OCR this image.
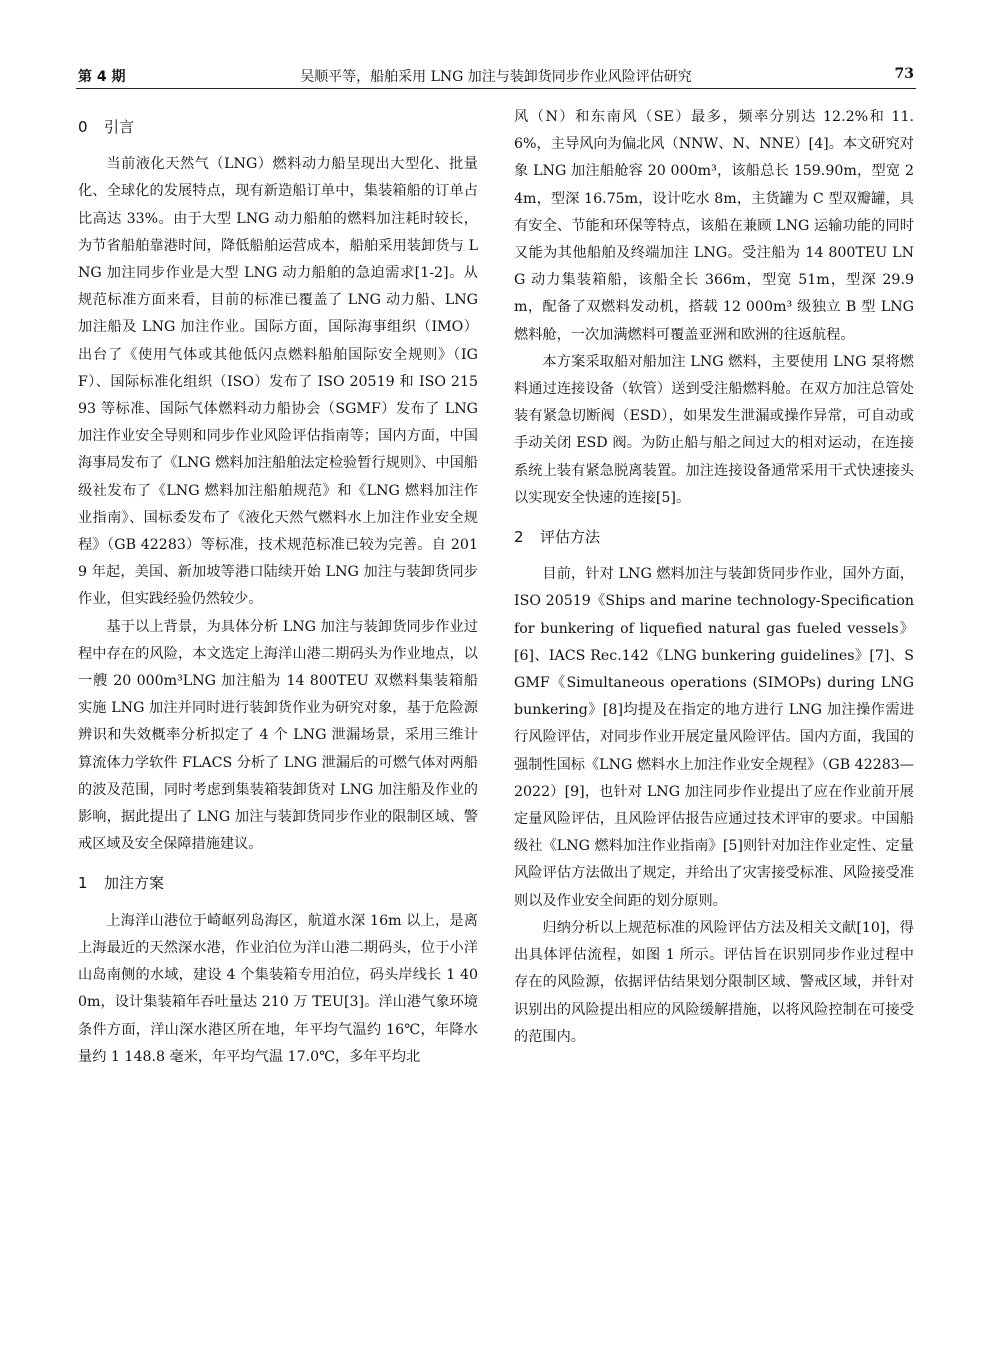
第 4 期	吴顺平等，船舶采用 LNG 加注与装卸货同步作业风险评估研究	73
0 引言

当前液化天然气（LNG）燃料动力船呈现出大型化、批量化、全球化的发展特点，现有新造船订单中，集装箱船的订单占比高达 33%。由于大型 LNG 动力船舶的燃料加注耗时较长，为节省船舶靠港时间，降低船舶运营成本，船舶采用装卸货与 LNG 加注同步作业是大型 LNG 动力船舶的急迫需求[1-2]。从规范标准方面来看，目前的标准已覆盖了 LNG 动力船、LNG 加注船及 LNG 加注作业。国际方面，国际海事组织（IMO）出台了《使用气体或其他低闪点燃料船舶国际安全规则》（IGF）、国际标准化组织（ISO）发布了 ISO 20519 和 ISO 21593 等标准、国际气体燃料动力船协会（SGMF）发布了 LNG 加注作业安全导则和同步作业风险评估指南等；国内方面，中国海事局发布了《LNG 燃料加注船舶法定检验暂行规则》、中国船级社发布了《LNG 燃料加注船舶规范》和《LNG 燃料加注作业指南》、国标委发布了《液化天然气燃料水上加注作业安全规程》（GB 42283）等标准，技术规范标准已较为完善。自 2019 年起，美国、新加坡等港口陆续开始 LNG 加注与装卸货同步作业，但实践经验仍然较少。

基于以上背景，为具体分析 LNG 加注与装卸货同步作业过程中存在的风险，本文选定上海洋山港二期码头为作业地点，以一艘 20 000m³LNG 加注船为 14 800TEU 双燃料集装箱船实施 LNG 加注并同时进行装卸货作业为研究对象，基于危险源辨识和失效概率分析拟定了 4 个 LNG 泄漏场景，采用三维计算流体力学软件 FLACS 分析了 LNG 泄漏后的可燃气体对两船的波及范围，同时考虑到集装箱装卸货对 LNG 加注船及作业的影响，据此提出了 LNG 加注与装卸货同步作业的限制区域、警戒区域及安全保障措施建议。

1 加注方案

上海洋山港位于崎岖列岛海区，航道水深 16m 以上，是离上海最近的天然深水港，作业泊位为洋山港二期码头，位于小洋山岛南侧的水域，建设 4 个集装箱专用泊位，码头岸线长 1 400m，设计集装箱年吞吐量达 210 万 TEU[3]。洋山港气象环境条件方面，洋山深水港区所在地，年平均气温约 16℃，年降水量约 1 148.8 毫米，年平均气温 17.0℃，多年平均北

风（N）和东南风（SE）最多，频率分别达 12.2%和 11.6%，主导风向为偏北风（NNW、N、NNE）[4]。本文研究对象 LNG 加注船舱容 20 000m³，该船总长 159.90m，型宽 24m，型深 16.75m，设计吃水 8m，主货罐为 C 型双瓣罐，具有安全、节能和环保等特点，该船在兼顾 LNG 运输功能的同时又能为其他船舶及终端加注 LNG。受注船为 14 800TEU LNG 动力集装箱船，该船全长 366m，型宽 51m，型深 29.9m，配备了双燃料发动机，搭载 12 000m³ 级独立 B 型 LNG 燃料舱，一次加满燃料可覆盖亚洲和欧洲的往返航程。

本方案采取船对船加注 LNG 燃料，主要使用 LNG 泵将燃料通过连接设备（软管）送到受注船燃料舱。在双方加注总管处装有紧急切断阀（ESD），如果发生泄漏或操作异常，可自动或手动关闭 ESD 阀。为防止船与船之间过大的相对运动，在连接系统上装有紧急脱离装置。加注连接设备通常采用干式快速接头以实现安全快速的连接[5]。

2 评估方法

目前，针对 LNG 燃料加注与装卸货同步作业，国外方面，ISO 20519《Ships and marine technology-Specification for bunkering of liquefied natural gas fueled vessels》[6]、IACS Rec.142《LNG bunkering guidelines》[7]、SGMF《Simultaneous operations (SIMOPs) during LNG bunkering》[8]均提及在指定的地方进行 LNG 加注操作需进行风险评估，对同步作业开展定量风险评估。国内方面，我国的强制性国标《LNG 燃料水上加注作业安全规程》（GB 42283—2022）[9]，也针对 LNG 加注同步作业提出了应在作业前开展定量风险评估，且风险评估报告应通过技术评审的要求。中国船级社《LNG 燃料加注作业指南》[5]则针对加注作业定性、定量风险评估方法做出了规定，并给出了灾害接受标准、风险接受准则以及作业安全间距的划分原则。

归纳分析以上规范标准的风险评估方法及相关文献[10]，得出具体评估流程，如图 1 所示。评估旨在识别同步作业过程中存在的风险源，依据评估结果划分限制区域、警戒区域，并针对识别出的风险提出相应的风险缓解措施，以将风险控制在可接受的范围内。
